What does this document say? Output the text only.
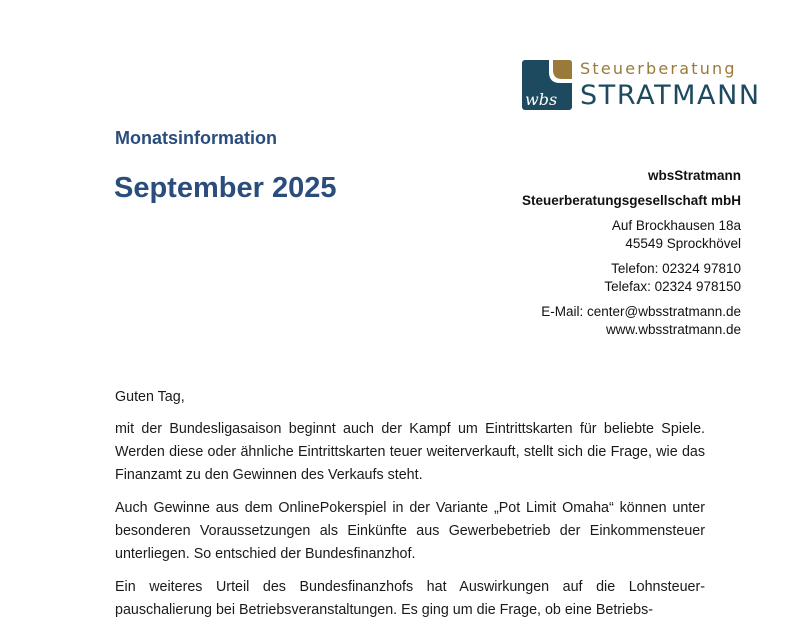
wbs
Steuerberatung
STRATMANN
Monatsinformation
September 2025	wbsStratmann
Steuerberatungsgesellschaft mbH
Auf Brockhausen 18a
45549 Sprockhövel
Telefon: 02324 97810
Telefax: 02324 978150
E-Mail: center@wbsstratmann.de
www.wbsstratmann.de

Guten Tag,

mit der Bundesligasaison beginnt auch der Kampf um Eintrittskarten für beliebte Spiele. Werden diese oder ähnliche Eintrittskarten teuer weiterverkauft, stellt sich die Frage, wie das Finanzamt zu den Gewinnen des Verkaufs steht.

Auch Gewinne aus dem OnlinePokerspiel in der Variante „Pot Limit Omaha“ können unter besonderen Voraussetzungen als Einkünfte aus Gewerbebetrieb der Einkommensteuer unterliegen. So entschied der Bundesfinanzhof.

Ein weiteres Urteil des Bundesfinanzhofs hat Auswirkungen auf die Lohnsteuer-pauschalierung bei Betriebsveranstaltungen. Es ging um die Frage, ob eine Betriebs-
